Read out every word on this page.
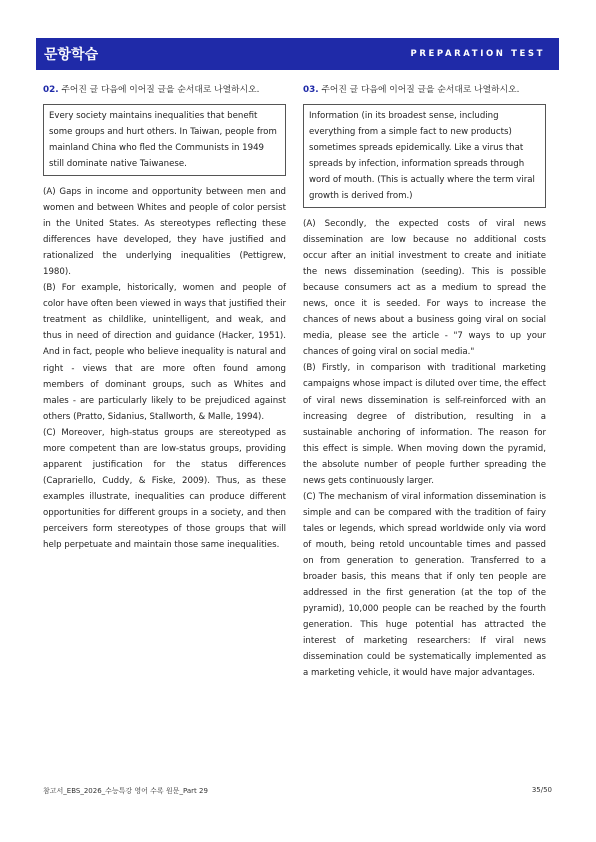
문항학습	PREPARATION TEST
02. 주어진 글 다음에 이어질 글을 순서대로 나열하시오.
Every society maintains inequalities that benefit some groups and hurt others. In Taiwan, people from mainland China who fled the Communists in 1949 still dominate native Taiwanese.

(A) Gaps in income and opportunity between men and women and between Whites and people of color persist in the United States. As stereotypes reflecting these differences have developed, they have justified and rationalized the underlying inequalities (Pettigrew, 1980).

(B) For example, historically, women and people of color have often been viewed in ways that justified their treatment as childlike, unintelligent, and weak, and thus in need of direction and guidance (Hacker, 1951). And in fact, people who believe inequality is natural and right - views that are more often found among members of dominant groups, such as Whites and males - are particularly likely to be prejudiced against others (Pratto, Sidanius, Stallworth, & Malle, 1994).

(C) Moreover, high-status groups are stereotyped as more competent than are low-status groups, providing apparent justification for the status differences (Caprariello, Cuddy, & Fiske, 2009). Thus, as these examples illustrate, inequalities can produce different opportunities for different groups in a society, and then perceivers form stereotypes of those groups that will help perpetuate and maintain those same inequalities.

03. 주어진 글 다음에 이어질 글을 순서대로 나열하시오.
Information (in its broadest sense, including everything from a simple fact to new products) sometimes spreads epidemically. Like a virus that spreads by infection, information spreads through word of mouth. (This is actually where the term viral growth is derived from.)

(A) Secondly, the expected costs of viral news dissemination are low because no additional costs occur after an initial investment to create and initiate the news dissemination (seeding). This is possible because consumers act as a medium to spread the news, once it is seeded. For ways to increase the chances of news about a business going viral on social media, please see the article - "7 ways to up your chances of going viral on social media."

(B) Firstly, in comparison with traditional marketing campaigns whose impact is diluted over time, the effect of viral news dissemination is self-reinforced with an increasing degree of distribution, resulting in a sustainable anchoring of information. The reason for this effect is simple. When moving down the pyramid, the absolute number of people further spreading the news gets continuously larger.

(C) The mechanism of viral information dissemination is simple and can be compared with the tradition of fairy tales or legends, which spread worldwide only via word of mouth, being retold uncountable times and passed on from generation to generation. Transferred to a broader basis, this means that if only ten people are addressed in the first generation (at the top of the pyramid), 10,000 people can be reached by the fourth generation. This huge potential has attracted the interest of marketing researchers: If viral news dissemination could be systematically implemented as a marketing vehicle, it would have major advantages.

참고서_EBS_2026_수능특강 영어 수록 원문_Part 29	35/50
